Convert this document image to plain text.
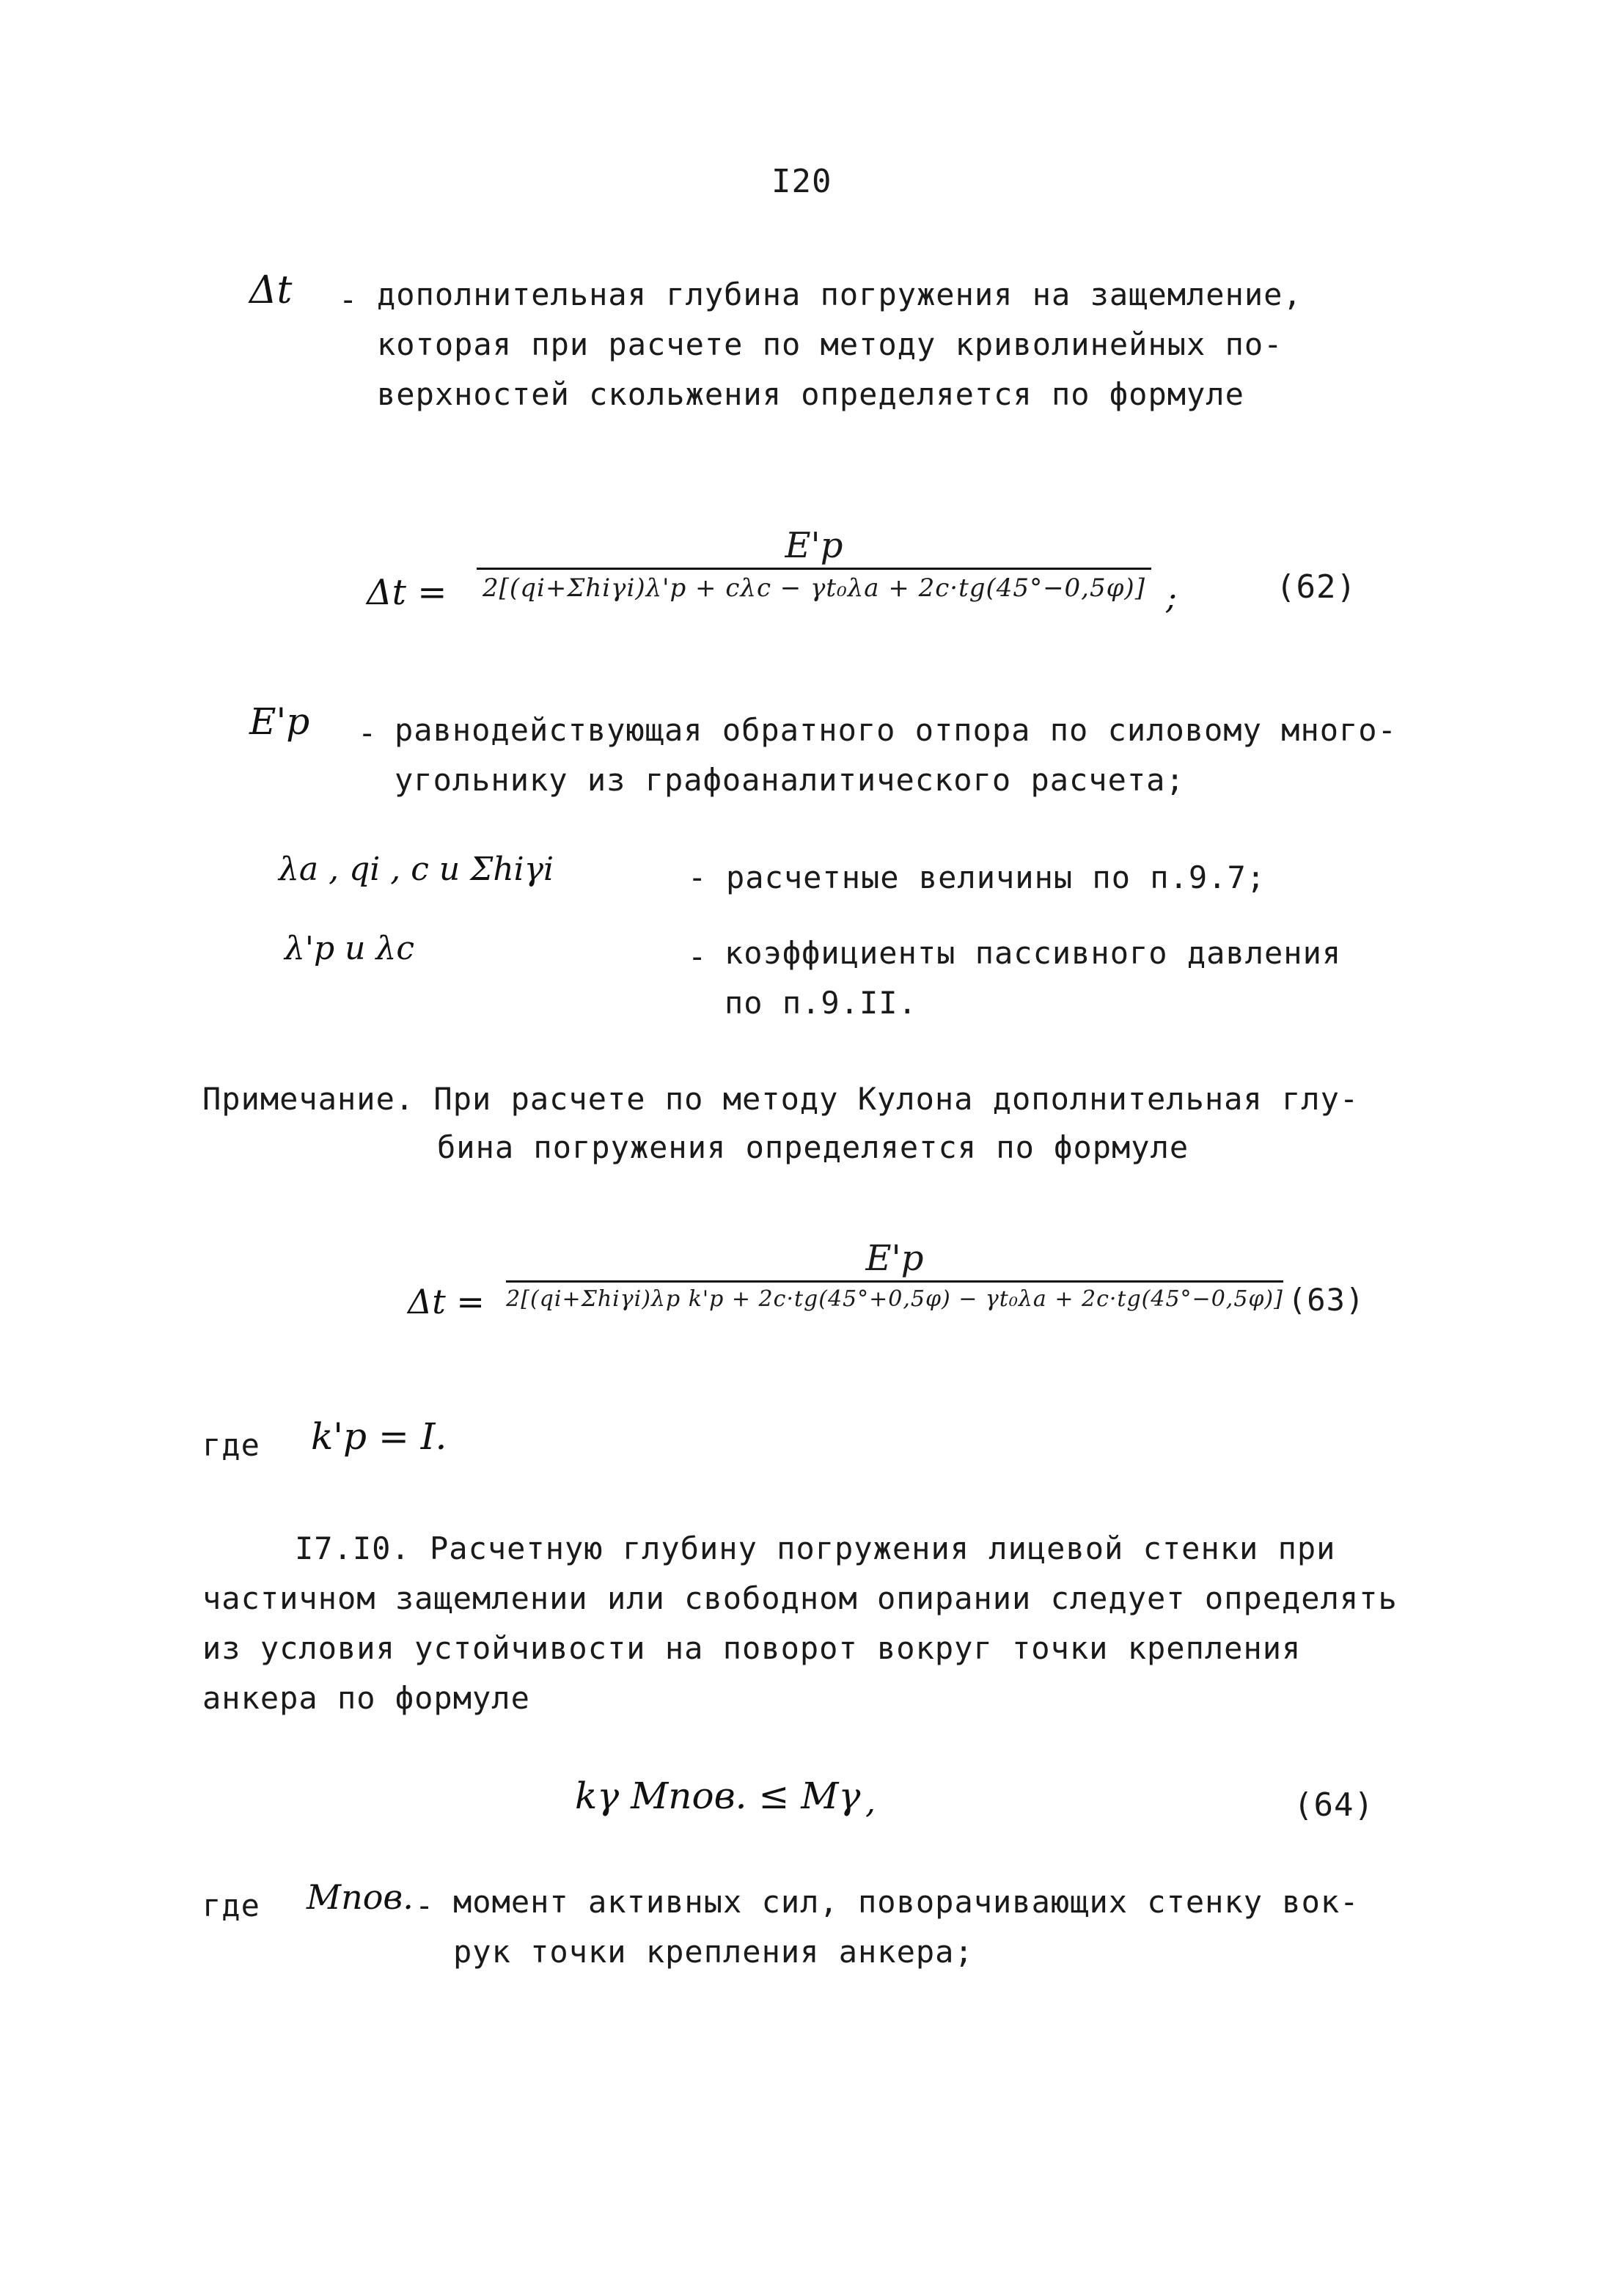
I20
Δt - дополнительная глубина погружения на защемление,
которая при расчете по методу криволинейных по-
верхностей скольжения определяется по формуле
Δt =
E'p
2[(qi+Σhiγi)λ'p + cλc − γt₀λa + 2c·tg(45°−0,5φ)] ;	(62)
E'p - равнодействующая обратного отпора по силовому много-
угольнику из графоаналитического расчета;
λa , qi , c и Σhiγi	- расчетные величины по п.9.7;
λ'p и λc	- коэффициенты пассивного давления
по п.9.II.
Примечание. При расчете по методу Кулона дополнительная глу-
бина погружения определяется по формуле
Δt =
E'p
2[(qi+Σhiγi)λp k'p + 2c·tg(45°+0,5φ) − γt₀λa + 2c·tg(45°−0,5φ)] (63)
где k'p = I.
I7.I0. Расчетную глубину погружения лицевой стенки при
частичном защемлении или свободном опирании следует определять
из условия устойчивости на поворот вокруг точки крепления
анкера по формуле
kγ Mпов. ≤ Mγ ,	(64)
где Mпов. - момент активных сил, поворачивающих стенку вок-
рук точки крепления анкера;
